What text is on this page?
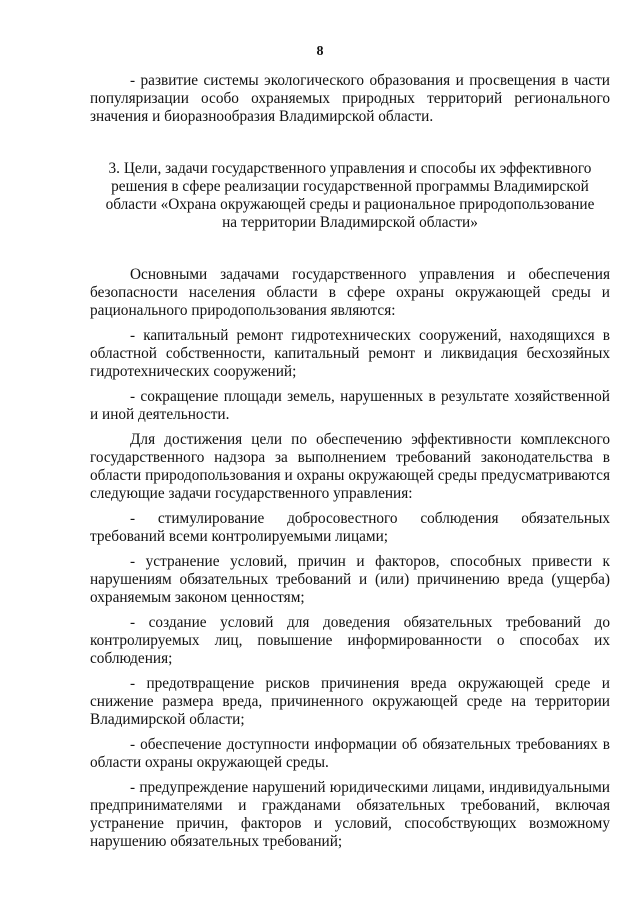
8

- развитие системы экологического образования и просвещения в части популяризации особо охраняемых природных территорий регионального значения и биоразнообразия Владимирской области.

3. Цели, задачи государственного управления и способы их эффективного решения в сфере реализации государственной программы Владимирской области «Охрана окружающей среды и рациональное природопользование на территории Владимирской области»

Основными задачами государственного управления и обеспечения безопасности населения области в сфере охраны окружающей среды и рационального природопользования являются:

- капитальный ремонт гидротехнических сооружений, находящихся в областной собственности, капитальный ремонт и ликвидация бесхозяйных гидротехнических сооружений;

- сокращение площади земель, нарушенных в результате хозяйственной и иной деятельности.

Для достижения цели по обеспечению эффективности комплексного государственного надзора за выполнением требований законодательства в области природопользования и охраны окружающей среды предусматриваются следующие задачи государственного управления:

- стимулирование добросовестного соблюдения обязательных требований всеми контролируемыми лицами;

- устранение условий, причин и факторов, способных привести к нарушениям обязательных требований и (или) причинению вреда (ущерба) охраняемым законом ценностям;

- создание условий для доведения обязательных требований до контролируемых лиц, повышение информированности о способах их соблюдения;

- предотвращение рисков причинения вреда окружающей среде и снижение размера вреда, причиненного окружающей среде на территории Владимирской области;

- обеспечение доступности информации об обязательных требованиях в области охраны окружающей среды.

- предупреждение нарушений юридическими лицами, индивидуальными предпринимателями и гражданами обязательных требований, включая устранение причин, факторов и условий, способствующих возможному нарушению обязательных требований;
